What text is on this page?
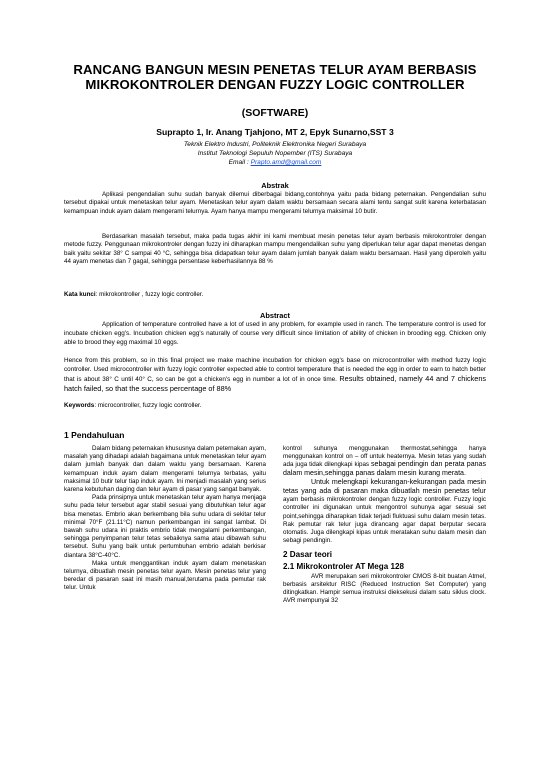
RANCANG BANGUN MESIN PENETAS TELUR AYAM BERBASIS MIKROKONTROLER DENGAN FUZZY LOGIC CONTROLLER
(SOFTWARE)
Suprapto 1, Ir. Anang Tjahjono, MT 2, Epyk Sunarno,SST 3
Teknik Elektro Industri, Politeknik Elektronika Negeri Surabaya
Institut Teknologi Sepuluh Nopember (ITS) Surabaya
Email : Prapto.amd@gmail.com
Abstrak
Aplikasi pengendalian suhu sudah banyak dilemui diberbagai bidang,contohnya yaitu pada bidang peternakan. Pengendalian suhu tersebut dipakai untuk menetaskan telur ayam. Menetaskan telur ayam dalam waktu bersamaan secara alami tentu sangat sulit karena keterbatasan kemampuan induk ayam dalam mengerami telurnya. Ayam hanya mampu mengerami telurnya maksimal 10 butir.
Berdasarkan masalah tersebut, maka pada tugas akhir ini kami membuat mesin penetas telur ayam berbasis mikrokontroler dengan metode fuzzy. Penggunaan mikrokontroler dengan fuzzy ini diharapkan mampu mengendalikan suhu yang diperlukan telur agar dapat menetas dengan baik yaitu sekitar 38° C sampai 40 °C, sehingga bisa didapatkan telur ayam dalam jumlah banyak dalam waktu bersamaan. Hasil yang diperoleh yaitu 44 ayam menetas dan 7 gagal, sehingga persentase keberhasilannya 88 %
Kata kunci: mikrokontroller , fuzzy logic controller.
Abstract
Application of temperature controlled have a lot of used in any problem, for example used in ranch. The temperature control is used for incubate chicken egg's. Incubation chicken egg's naturally of course very difficult since limitation of ability of chicken in brooding egg. Chicken only able to brood they egg maximal 10 eggs.
Hence from this problem, so in this final project we make machine incubation for chicken egg's base on microcontroller with method fuzzy logic controller. Used microcontroller with fuzzy logic controller expected able to control temperature that is needed the egg in order to earn to hatch better that is about 38° C until 40° C, so can be got a chicken's egg in number a lot of in once time. Results obtained, namely 44 and 7 chickens hatch failed, so that the success percentage of 88%
Keywords: microcontroller, fuzzy logic controller.
1 Pendahuluan

Dalam bidang peternakan khususnya dalam peternakan ayam, masalah yang dihadapi adalah bagaimana untuk menetaskan telur ayam dalam jumlah banyak dan dalam waktu yang bersamaan. Karena kemampuan induk ayam dalam mengerami telurnya terbatas, yaitu maksimal 10 butir telur tiap induk ayam. Ini menjadi masalah yang serius karena kebutuhan daging dan telur ayam di pasar yang sangat banyak.

Pada prinsipnya untuk menetaskan telur ayam hanya menjaga suhu pada telur tersebut agar stabil sesuai yang dibutuhkan telur agar bisa menetas. Embrio akan berkembang bila suhu udara di sekitar telur minimal 70°F (21.11°C) namun perkembangan ini sangat lambat. Di bawah suhu udara ini praktis embrio tidak mengalami perkembangan, sehingga penyimpanan telur tetas sebaiknya sama atau dibawah suhu tersebut. Suhu yang baik untuk pertumbuhan embrio adalah berkisar diantara 38°C-40°C.

Maka untuk menggantikan induk ayam dalam menetaskan telurnya, dibuatlah mesin penetas telur ayam. Mesin penetas telur yang beredar di pasaran saat ini masih manual,terutama pada pemutar rak telur. Untuk

kontrol suhunya menggunakan thermostat,sehingga hanya menggunakan kontrol on – off untuk heaternya. Mesin tetas yang sudah ada juga tidak dilengkapi kipas sebagai pendingin dan perata panas dalam mesin,sehingga panas dalam mesin kurang merata.

Untuk melengkapi kekurangan-kekurangan pada mesin tetas yang ada di pasaran maka dibuatlah mesin penetas telur ayam berbasis mikrokontroler dengan fuzzy logic controller. Fuzzy logic controller ini digunakan untuk mengontrol suhunya agar sesuai set point,sehingga diharapkan tidak terjadi fluktuasi suhu dalam mesin tetas. Rak pemutar rak telur juga dirancang agar dapat berputar secara otomatis. Juga dilengkapi kipas untuk meratakan suhu dalam mesin dan sebagi pendingin.

2 Dasar teori
2.1 Mikrokontroler AT Mega 128

AVR merupakan seri mikrokontroler CMOS 8-bit buatan Atmel, berbasis arsitektur RISC (Reduced Instruction Set Computer) yang ditingkatkan. Hampir semua instruksi dieksekusi dalam satu siklus clock. AVR mempunyai 32
